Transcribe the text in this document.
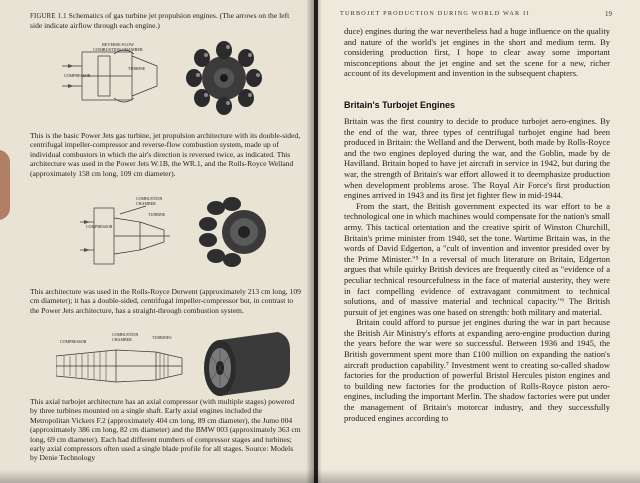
FIGURE 1.1 Schematics of gas turbine jet propulsion engines. (The arrows on the left side indicate airflow through each engine.)
REVERSE-FLOW COMBUSTION CHAMBER
COMPRESSOR
TURBINE
This is the basic Power Jets gas turbine, jet propulsion architecture with its double-sided, centrifugal impeller-compressor and reverse-flow combustion system, made up of individual combustors in which the air's direction is reversed twice, as indicated. This architecture was used in the Power Jets W.1B, the WR.1, and the Rolls-Royce Welland (approximately 158 cm long, 109 cm diameter).
COMBUSTION CHAMBER
TURBINE
COMPRESSOR
This architecture was used in the Rolls-Royce Derwent (approximately 213 cm long, 109 cm diameter); it has a double-sided, centrifugal impeller-compressor but, in contrast to the Power Jets architecture, has a straight-through combustion system.
COMPRESSOR
COMBUSTION CHAMBER	TURBINES
This axial turbojet architecture has an axial compressor (with multiple stages) powered by three turbines mounted on a single shaft. Early axial engines included the Metropolitan Vickers F.2 (approximately 404 cm long, 89 cm diameter), the Jumo 004 (approximately 386 cm long, 82 cm diameter) and the BMW 003 (approximately 363 cm long, 69 cm diameter). Each had different numbers of compressor stages and turbines; early axial compressors often used a single blade profile for all stages. Source: Models by Denie Technology
TURBOJET PRODUCTION DURING WORLD WAR II	19

duce) engines during the war nevertheless had a huge influence on the quality and nature of the world's jet engines in the short and medium term. By considering production first, I hope to clear away some important misconceptions about the jet engine and set the scene for a new, richer account of its development and invention in the subsequent chapters.

Britain's Turbojet Engines

Britain was the first country to decide to produce turbojet aero-engines. By the end of the war, three types of centrifugal turbojet engine had been produced in Britain: the Welland and the Derwent, both made by Rolls-Royce and the two engines deployed during the war, and the Goblin, made by de Havilland. Britain hoped to have jet aircraft in service in 1942, but during the war, the strength of Britain's war effort allowed it to deemphasize production when development problems arose. The Royal Air Force's first production engines arrived in 1943 and its first jet fighter flew in mid-1944.

From the start, the British government expected its war effort to be a technological one in which machines would compensate for the nation's small army. This tactical orientation and the creative spirit of Winston Churchill, Britain's prime minister from 1940, set the tone. Wartime Britain was, in the words of David Edgerton, a "cult of invention and inventor presided over by the Prime Minister."⁵ In a reversal of much literature on Britain, Edgerton argues that while quirky British devices are frequently cited as "evidence of a peculiar technical resourcefulness in the face of material austerity, they were in fact compelling evidence of extravagant commitment to technical solutions, and of massive material and technical capacity."⁶ The British pursuit of jet engines was one based on strength: both military and material.

Britain could afford to pursue jet engines during the war in part because the British Air Ministry's efforts at expanding aero-engine production during the years before the war were so successful. Between 1936 and 1945, the British government spent more than £100 million on expanding the nation's aircraft production capability.⁷ Investment went to creating so-called shadow factories for the production of powerful Bristol Hercules piston engines and to building new factories for the production of Rolls-Royce piston aero-engines, including the important Merlin. The shadow factories were put under the management of Britain's motorcar industry, and they successfully produced engines according to
